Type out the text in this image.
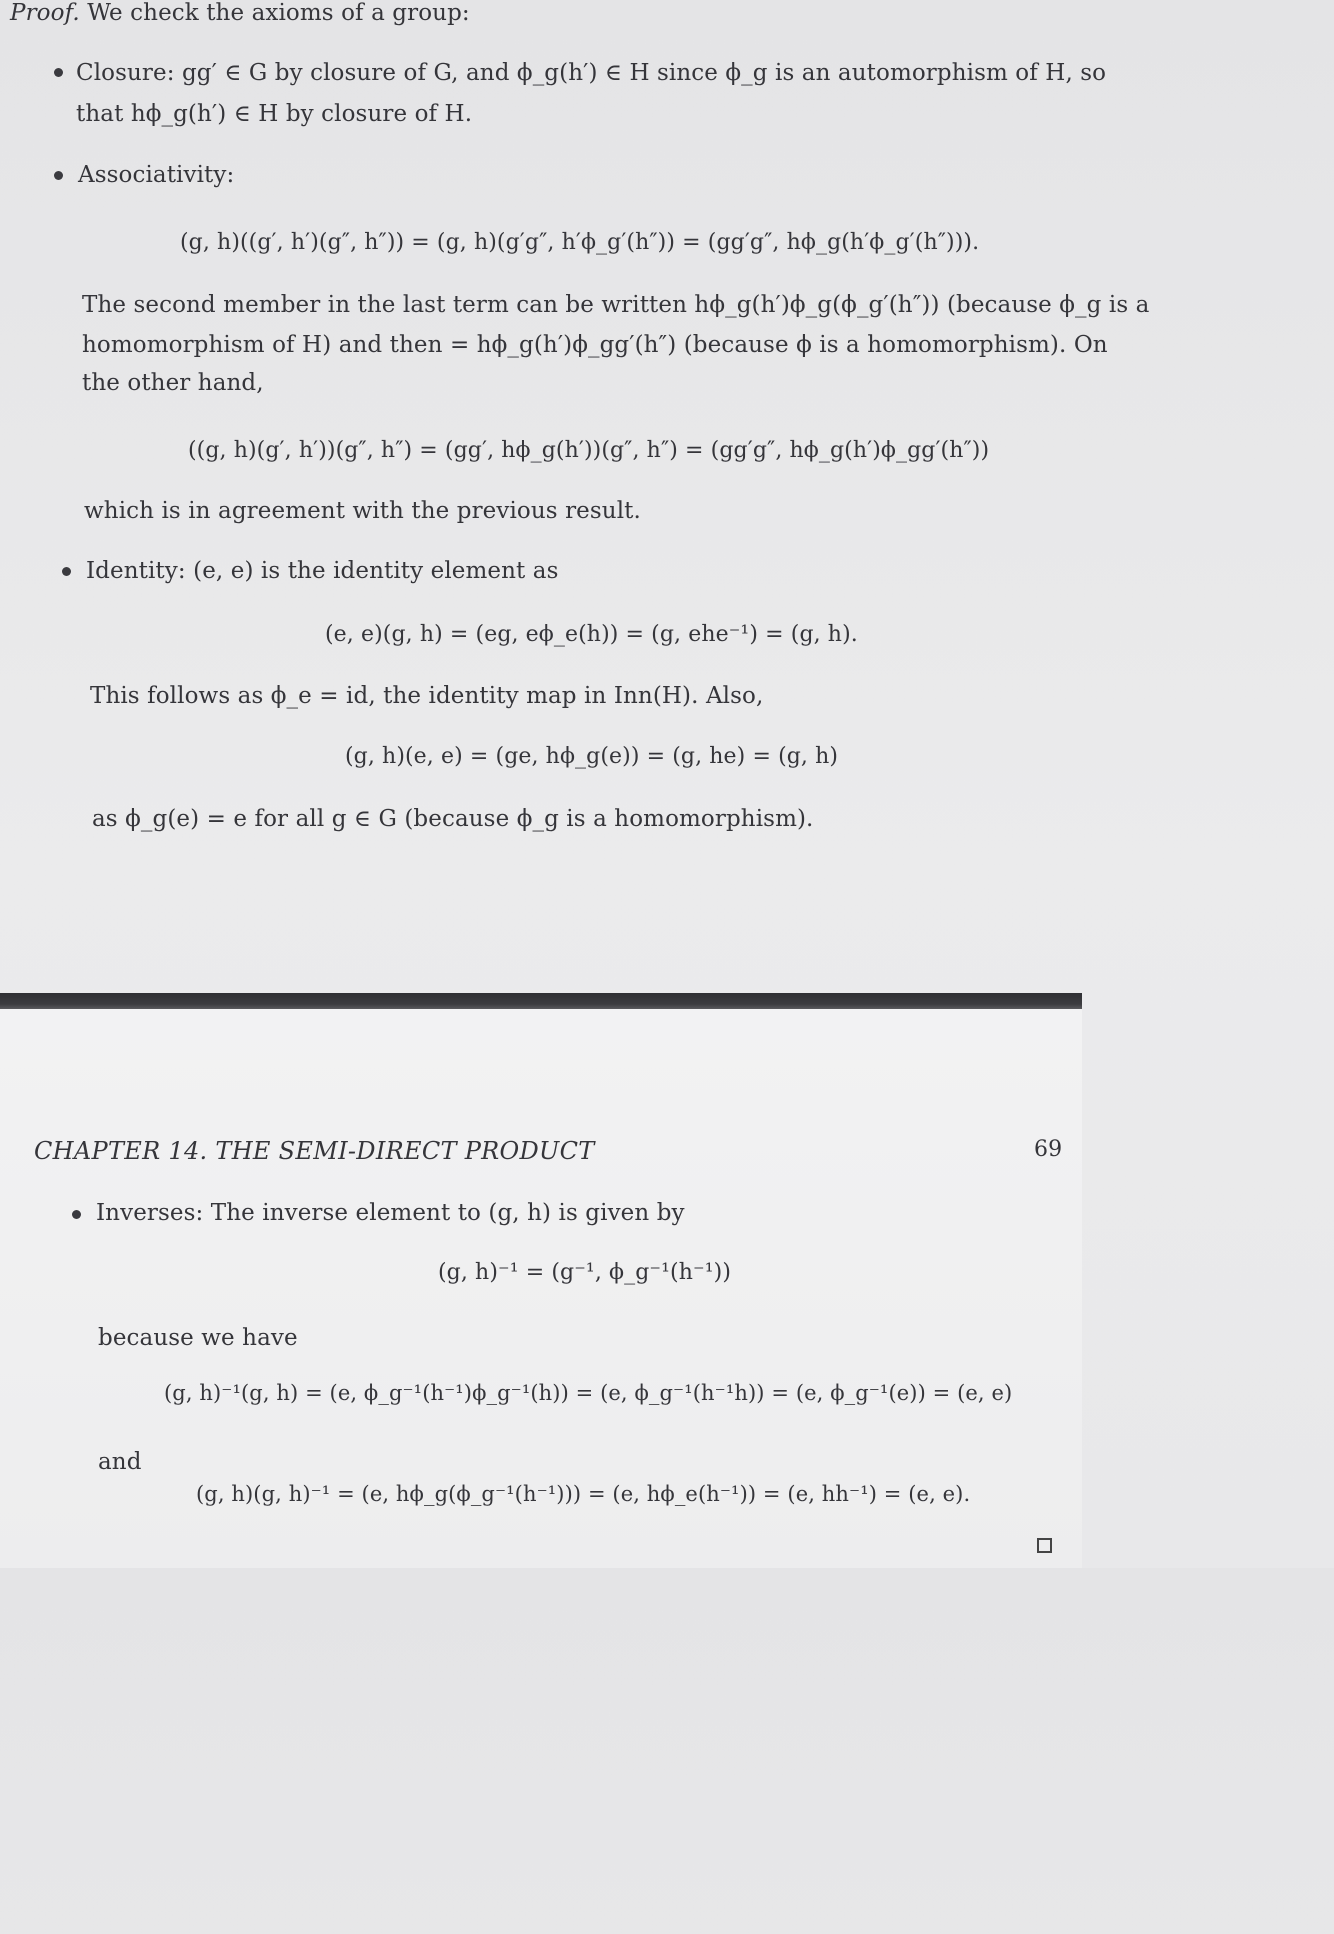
Proof. We check the axioms of a group:
Closure: gg′ ∈ G by closure of G, and ϕ_g(h′) ∈ H since ϕ_g is an automorphism of H, so
that hϕ_g(h′) ∈ H by closure of H.
Associativity:
(g, h)((g′, h′)(g″, h″)) = (g, h)(g′g″, h′ϕ_g′(h″)) = (gg′g″, hϕ_g(h′ϕ_g′(h″))).
The second member in the last term can be written hϕ_g(h′)ϕ_g(ϕ_g′(h″)) (because ϕ_g is a
homomorphism of H) and then = hϕ_g(h′)ϕ_gg′(h″) (because ϕ is a homomorphism). On
the other hand,
((g, h)(g′, h′))(g″, h″) = (gg′, hϕ_g(h′))(g″, h″) = (gg′g″, hϕ_g(h′)ϕ_gg′(h″))
which is in agreement with the previous result.
Identity: (e, e) is the identity element as
(e, e)(g, h) = (eg, eϕ_e(h)) = (g, ehe⁻¹) = (g, h).
This follows as ϕ_e = id, the identity map in Inn(H). Also,
(g, h)(e, e) = (ge, hϕ_g(e)) = (g, he) = (g, h)
as ϕ_g(e) = e for all g ∈ G (because ϕ_g is a homomorphism).
CHAPTER 14. THE SEMI-DIRECT PRODUCT	69
Inverses: The inverse element to (g, h) is given by
(g, h)⁻¹ = (g⁻¹, ϕ_g⁻¹(h⁻¹))
because we have
(g, h)⁻¹(g, h) = (e, ϕ_g⁻¹(h⁻¹)ϕ_g⁻¹(h)) = (e, ϕ_g⁻¹(h⁻¹h)) = (e, ϕ_g⁻¹(e)) = (e, e)
and
(g, h)(g, h)⁻¹ = (e, hϕ_g(ϕ_g⁻¹(h⁻¹))) = (e, hϕ_e(h⁻¹)) = (e, hh⁻¹) = (e, e).
